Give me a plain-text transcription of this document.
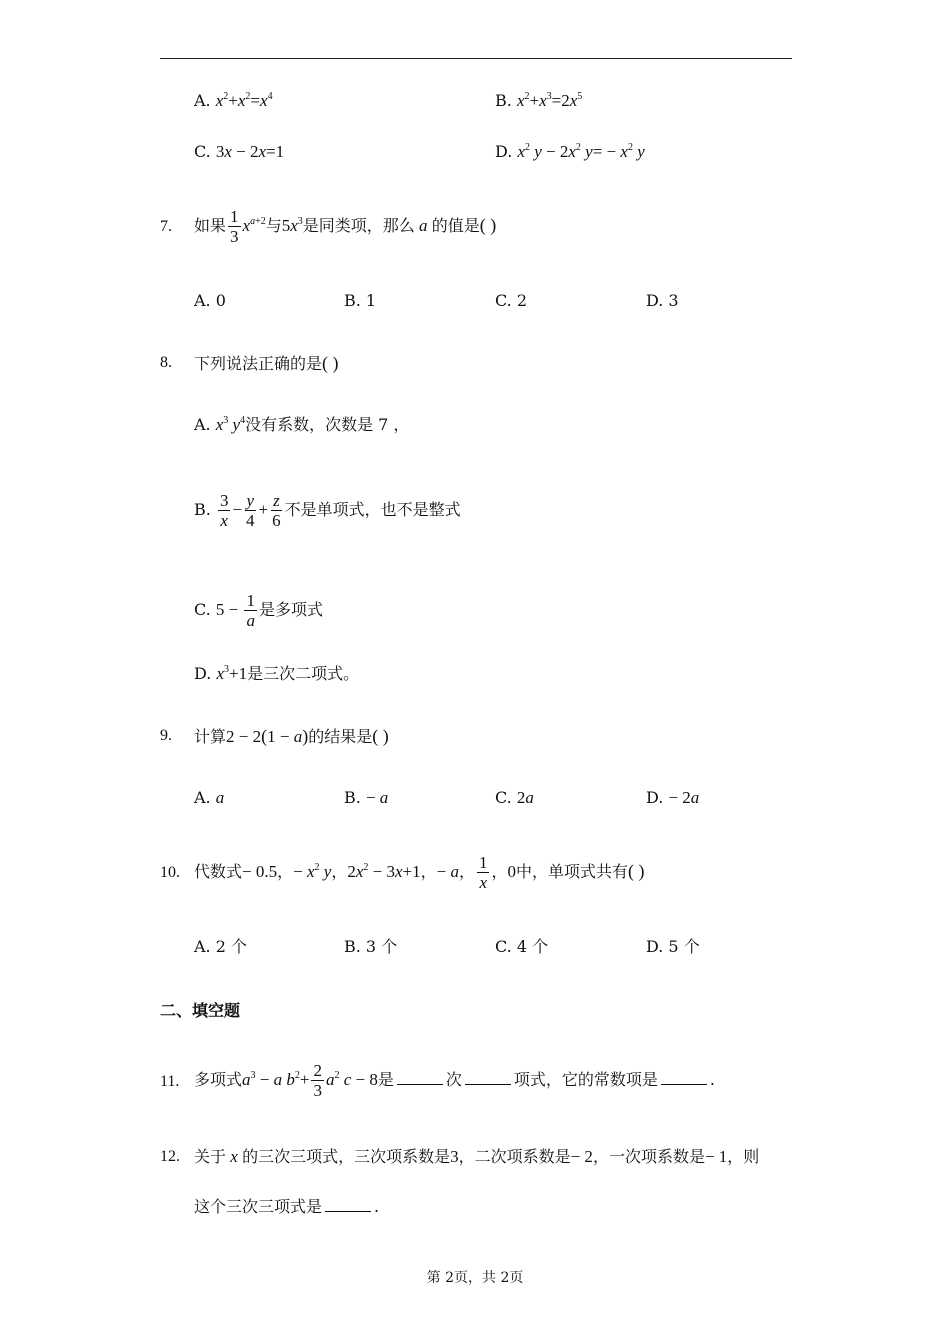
A. $x^2+x^2=x^4$	B. $x^2+x^3=2x^5$
C. 3x − 2x=1	D. $x^2$ $y - 2x^2$ $y= - x^2$ y
7. 如果 $\frac{1}{3} x^{a+2}$与$5x^3$是同类项，那么 a 的值是( )
A. 0	B. 1	C. 2	D. 3
8. 下列说法正确的是( )
A. $x^3$ $y^4$没有系数，次数是 7 ，
B. $\frac{3}{x} - \frac{y}{4} + \frac{z}{6}$ 不是单项式，也不是整式
C. $5 - \frac{1}{a}$ 是多项式
D. $x^3+1$是三次二项式。
9. 计算2 − 2(1 − a)的结果是( )
A. a	B. − a	C. 2a	D. − 2a
10. 代数式− 0.5，− $x^2$ y，$2x^2 - 3x+1$，− a， $\frac{1}{x}$ ，0中，单项式共有( )
A. 2 个	B. 3 个	C. 4 个	D. 5 个
二、填空题
11. 多项式$a^3 - a$ $b^2+ \frac{2}{3} a^2$ c − 8是	次	项式，它的常数项是	.
12. 关于 x 的三次三项式，三次项系数是3，二次项系数是− 2，一次项系数是− 1，则
这个三次三项式是	.
第 2页，共 2页
